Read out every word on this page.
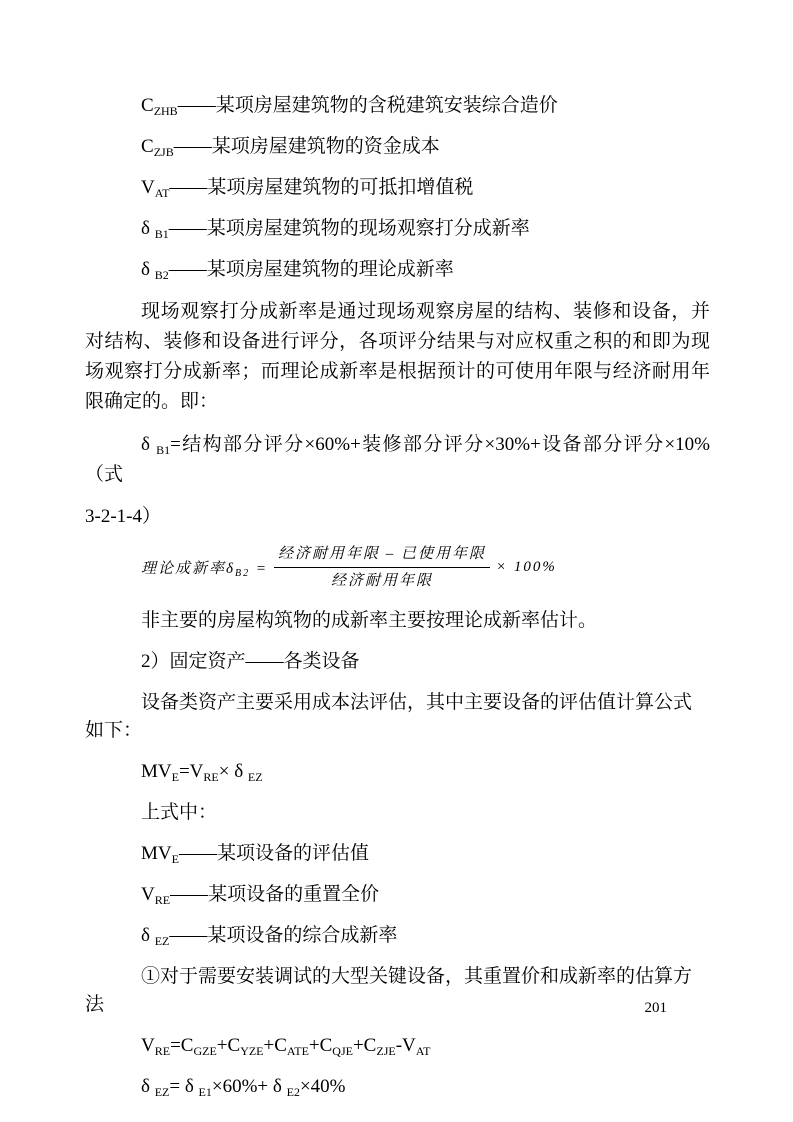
$C_{ZHB}——$某项房屋建筑物的含税建筑安装综合造价

$C_{ZJB}——$某项房屋建筑物的资金成本

$V_{AT}——$某项房屋建筑物的可抵扣增值税

δ $_{B1}$——某项房屋建筑物的现场观察打分成新率

δ $_{B2}$——某项房屋建筑物的理论成新率

现场观察打分成新率是通过现场观察房屋的结构、装修和设备，并对结构、装修和设备进行评分，各项评分结果与对应权重之积的和即为现场观察打分成新率；而理论成新率是根据预计的可使用年限与经济耐用年限确定的。即：

δ $_{B1}$=结构部分评分×60%+装修部分评分×30%+设备部分评分×10%（式

3-2-1-4）

理论成新率$\delta_{B2} = \frac{\text{经济耐用年限 – 已使用年限}}{\text{经济耐用年限}} \times 100\%$

非主要的房屋构筑物的成新率主要按理论成新率估计。

2）固定资产——各类设备

设备类资产主要采用成本法评估，其中主要设备的评估值计算公式如下：

$MV_E=V_{RE}\times \delta$ $_{EZ}$

上式中：

$MV_E——$某项设备的评估值

$V_{RE}——$某项设备的重置全价

δ $_{EZ}$——某项设备的综合成新率

①对于需要安装调试的大型关键设备，其重置价和成新率的估算方法

$V_{RE}=C_{GZE}+C_{YZE}+C_{ATE}+C_{QJE}+C_{ZJE}-V_{AT}$

δ $_{EZ}$= δ $_{E1}$×60%+ δ $_{E2}$×40%

201
